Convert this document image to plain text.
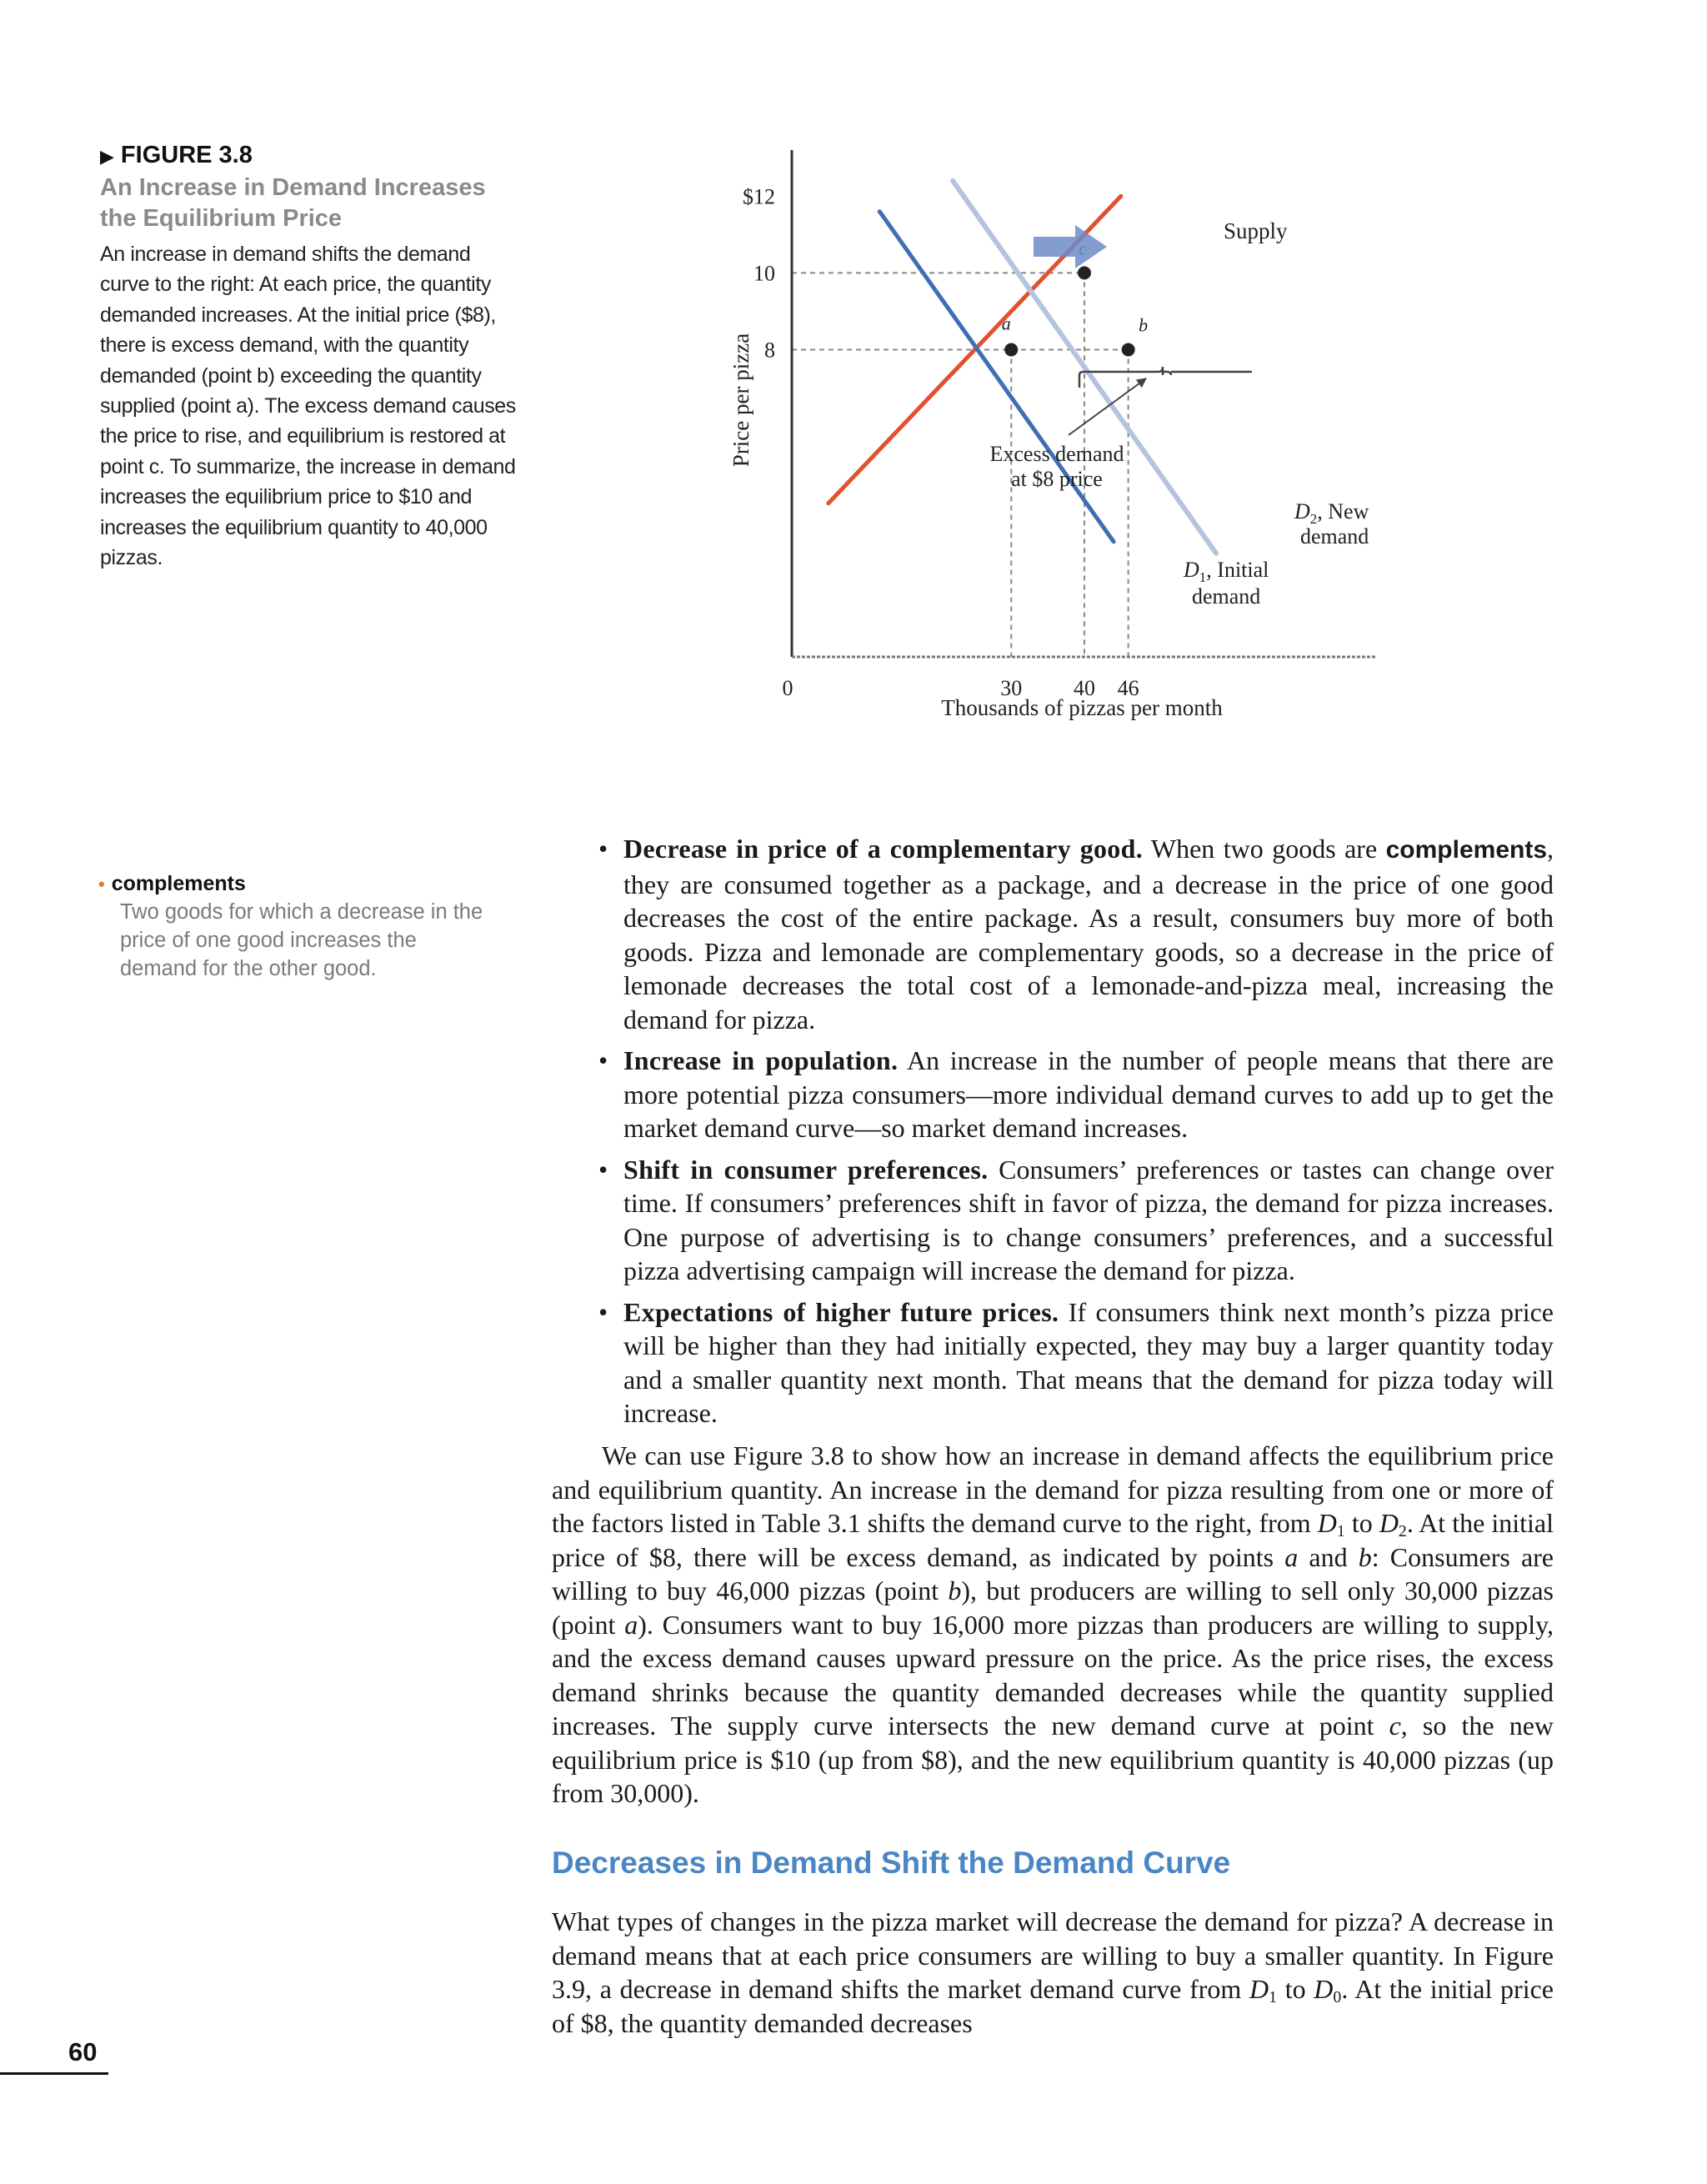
▶ FIGURE 3.8

An Increase in Demand Increases the Equilibrium Price

An increase in demand shifts the demand curve to the right: At each price, the quantity demanded increases. At the initial price ($8), there is excess demand, with the quantity demanded (point b) exceeding the quantity supplied (point a). The excess demand causes the price to rise, and equilibrium is restored at point c. To summarize, the increase in demand increases the equilibrium price to $10 and increases the equilibrium quantity to 40,000 pizzas.

$12
10
8
0	30 40 46
a	b
Excess demand
at $8 price
Supply
$D_2$, New
demand
$D_1$, Initial
demand
Thousands of pizzas per month
Price per pizza

• complements

Two goods for which a decrease in the price of one good increases the demand for the other good.

• Decrease in price of a complementary good. When two goods are complements, they are consumed together as a package, and a decrease in the price of one good decreases the cost of the entire package. As a result, consumers buy more of both goods. Pizza and lemonade are complementary goods, so a decrease in the price of lemonade decreases the total cost of a lemonade-and-pizza meal, increasing the demand for pizza.
• Increase in population. An increase in the number of people means that there are more potential pizza consumers—more individual demand curves to add up to get the market demand curve—so market demand increases.
• Shift in consumer preferences. Consumers’ preferences or tastes can change over time. If consumers’ preferences shift in favor of pizza, the demand for pizza increases. One purpose of advertising is to change consumers’ preferences, and a successful pizza advertising campaign will increase the demand for pizza.
• Expectations of higher future prices. If consumers think next month’s pizza price will be higher than they had initially expected, they may buy a larger quantity today and a smaller quantity next month. That means that the demand for pizza today will increase.

We can use Figure 3.8 to show how an increase in demand affects the equilibrium price and equilibrium quantity. An increase in the demand for pizza resulting from one or more of the factors listed in Table 3.1 shifts the demand curve to the right, from $D_1$ to $D_2$. At the initial price of $8, there will be excess demand, as indicated by points a and b: Consumers are willing to buy 46,000 pizzas (point b), but producers are willing to sell only 30,000 pizzas (point a). Consumers want to buy 16,000 more pizzas than producers are willing to supply, and the excess demand causes upward pressure on the price. As the price rises, the excess demand shrinks because the quantity demanded decreases while the quantity supplied increases. The supply curve intersects the new demand curve at point c, so the new equilibrium price is $10 (up from $8), and the new equilibrium quantity is 40,000 pizzas (up from 30,000).

Decreases in Demand Shift the Demand Curve

What types of changes in the pizza market will decrease the demand for pizza? A decrease in demand means that at each price consumers are willing to buy a smaller quantity. In Figure 3.9, a decrease in demand shifts the market demand curve from $D_1$ to $D_0$. At the initial price of $8, the quantity demanded decreases

60
